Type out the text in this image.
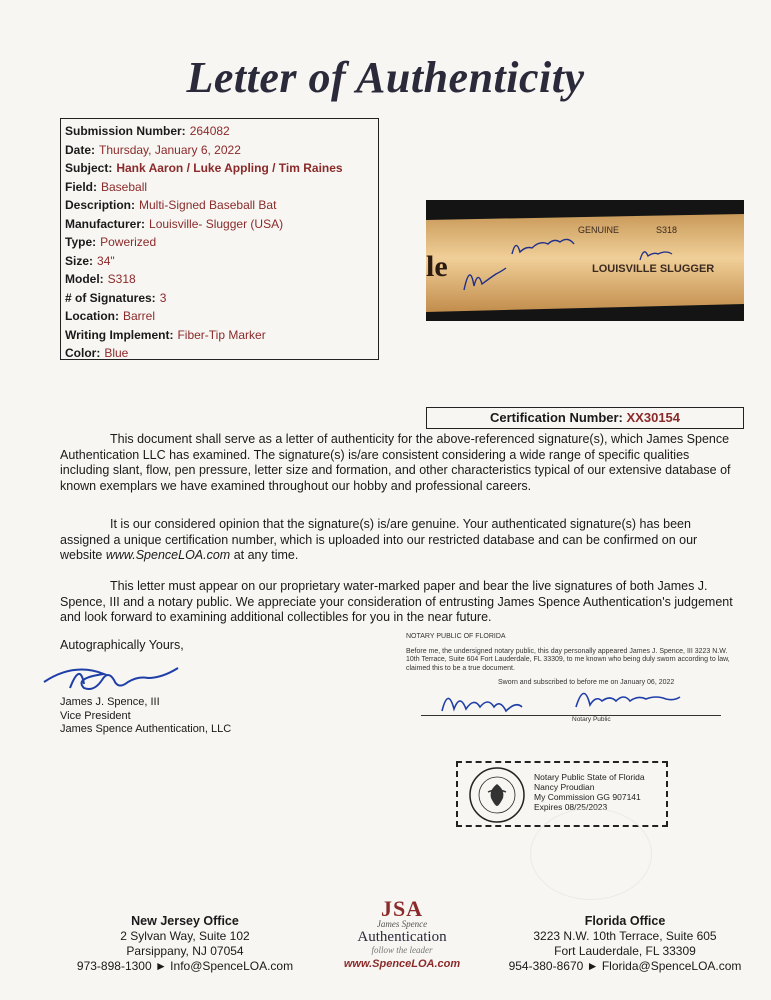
Letter of Authenticity
Submission Number: 264082
Date: Thursday, January 6, 2022
Subject: Hank Aaron / Luke Appling / Tim Raines
Field: Baseball
Description: Multi-Signed Baseball Bat
Manufacturer: Louisville- Slugger (USA)
Type: Powerized
Size: 34"
Model: S318
# of Signatures: 3
Location: Barrel
Writing Implement: Fiber-Tip Marker
Color: Blue
le
GENUINE	S318
LOUISVILLE SLUGGER
Certification Number: XX30154
This document shall serve as a letter of authenticity for the above-referenced signature(s), which James Spence Authentication LLC has examined. The signature(s) is/are consistent considering a wide range of specific qualities including slant, flow, pen pressure, letter size and formation, and other characteristics typical of our extensive database of known exemplars we have examined throughout our hobby and professional careers.
It is our considered opinion that the signature(s) is/are genuine. Your authenticated signature(s) has been assigned a unique certification number, which is uploaded into our restricted database and can be confirmed on our website www.SpenceLOA.com at any time.
This letter must appear on our proprietary water-marked paper and bear the live signatures of both James J. Spence, III and a notary public. We appreciate your consideration of entrusting James Spence Authentication's judgement and look forward to examining additional collectibles for you in the near future.
Autographically Yours,
James J. Spence, III
Vice President
James Spence Authentication, LLC
NOTARY PUBLIC OF FLORIDA
Before me, the undersigned notary public, this day personally appeared James J. Spence, III 3223 N.W. 10th Terrace, Suite 604 Fort Lauderdale, FL 33309, to me known who being duly sworn according to law, claimed this to be a true document.
Sworn and subscribed to before me on January 06, 2022
Notary Public
Notary Public State of Florida
Nancy Proudian
My Commission GG 907141
Expires 08/25/2023
New Jersey Office
2 Sylvan Way, Suite 102
Parsippany, NJ 07054
973-898-1300 ► Info@SpenceLOA.com
JSA
James Spence
Authentication
follow the leader
www.SpenceLOA.com
Florida Office
3223 N.W. 10th Terrace, Suite 605
Fort Lauderdale, FL 33309
954-380-8670 ► Florida@SpenceLOA.com
